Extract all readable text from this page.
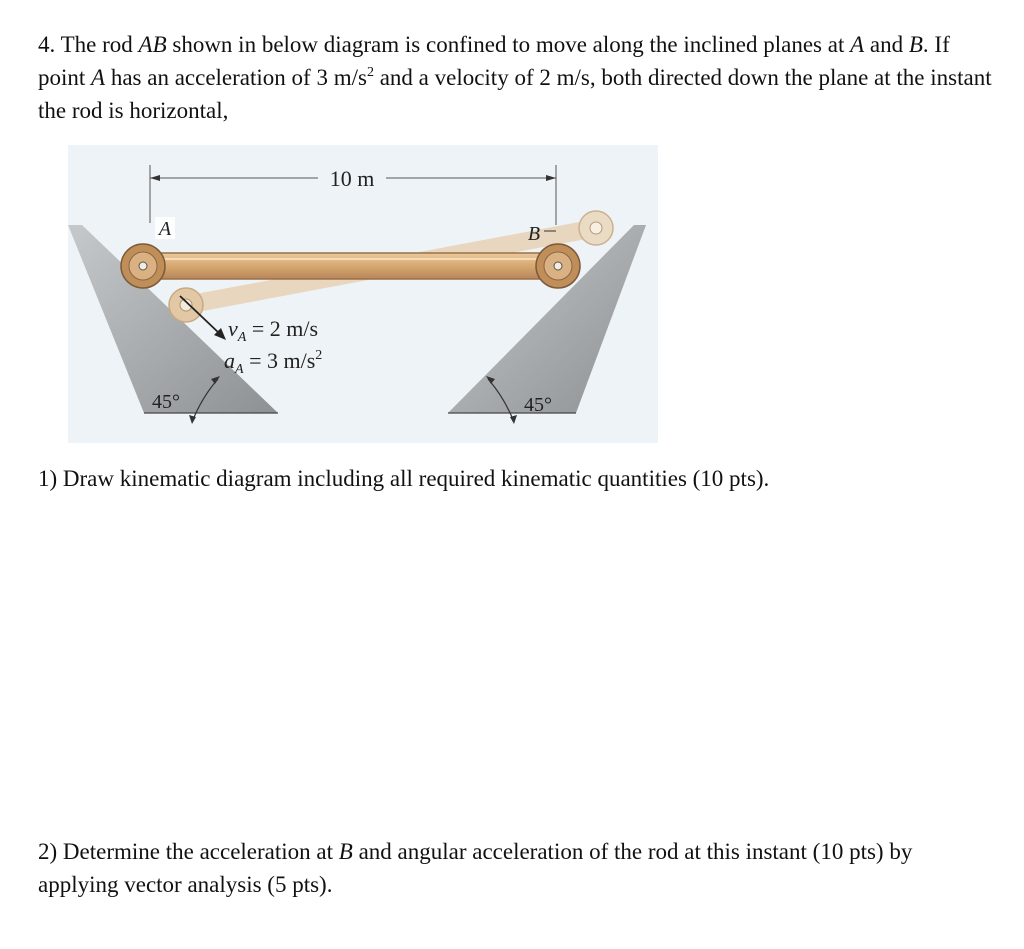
4. The rod AB shown in below diagram is confined to move along the inclined planes at A and B. If point A has an acceleration of 3 $m/s^2$ and a velocity of 2 m/s, both directed down the plane at the instant the rod is horizontal,

10 m
A	B
$v_A = 2$ m/s
$a_A = 3$ $m/s^2$
45°	45°

1) Draw kinematic diagram including all required kinematic quantities (10 pts).

2) Determine the acceleration at B and angular acceleration of the rod at this instant (10 pts) by applying vector analysis (5 pts).
